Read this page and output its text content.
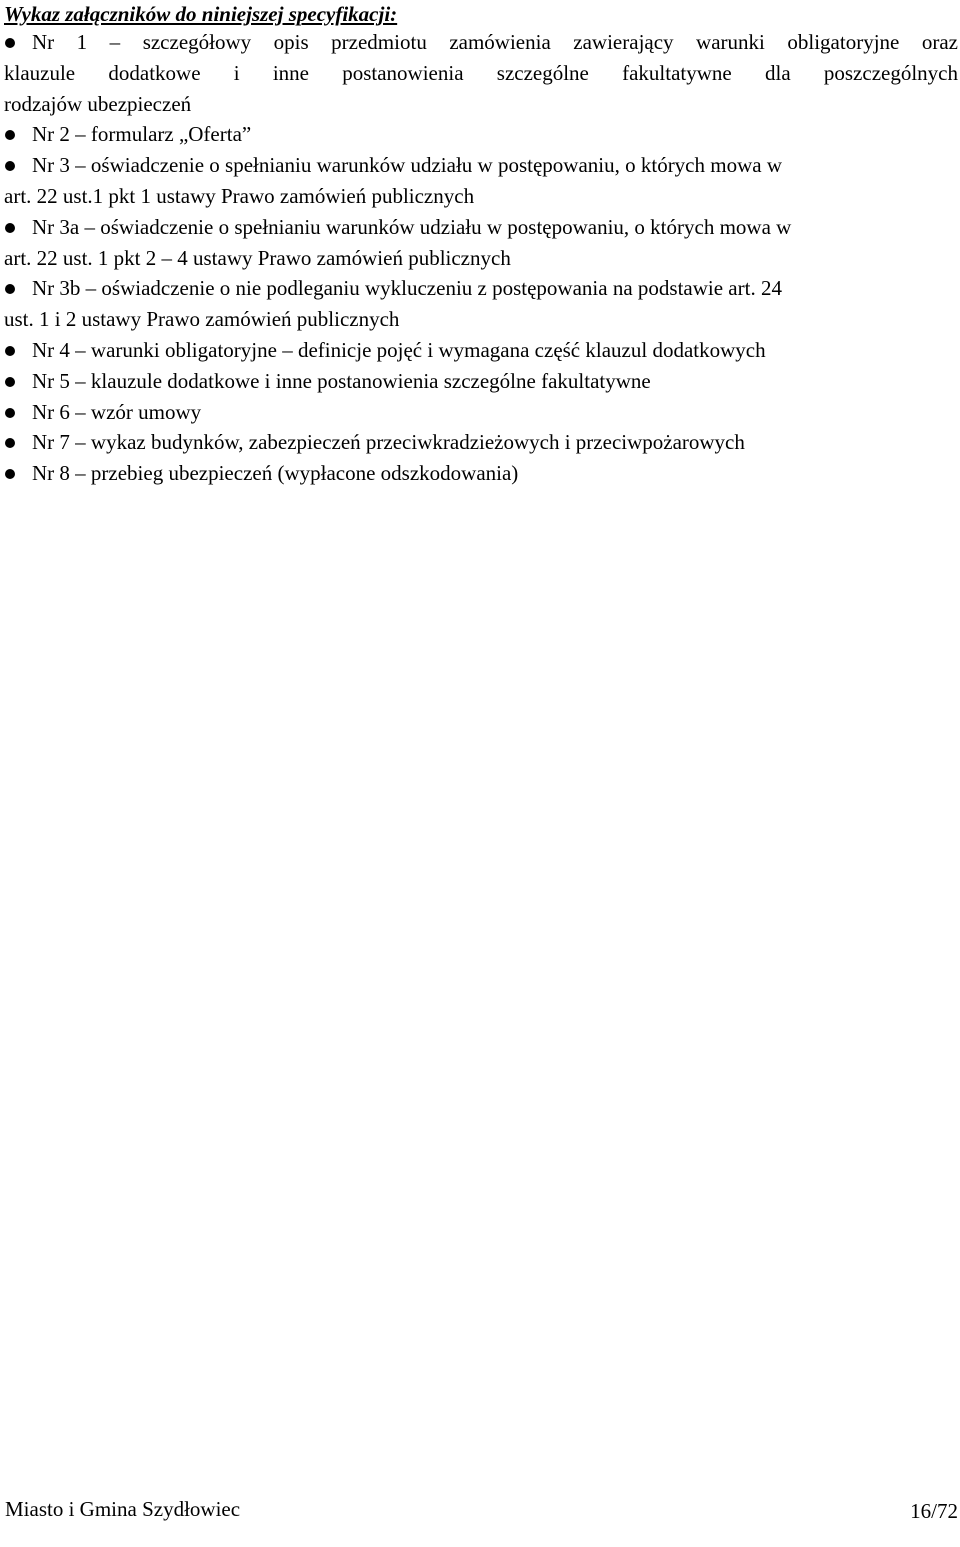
Wykaz załączników do niniejszej specyfikacji:
Nr 1 – szczegółowy opis przedmiotu zamówienia zawierający warunki obligatoryjne oraz
klauzule dodatkowe i inne postanowienia szczególne fakultatywne dla poszczególnych
rodzajów ubezpieczeń
Nr 2 – formularz „Oferta”
Nr 3 – oświadczenie o spełnianiu warunków udziału w postępowaniu, o których mowa w
art. 22 ust.1 pkt 1 ustawy Prawo zamówień publicznych
Nr 3a – oświadczenie o spełnianiu warunków udziału w postępowaniu, o których mowa w
art. 22 ust. 1 pkt 2 – 4 ustawy Prawo zamówień publicznych
Nr 3b – oświadczenie o nie podleganiu wykluczeniu z postępowania na podstawie art. 24
ust. 1 i 2 ustawy Prawo zamówień publicznych
Nr 4 – warunki obligatoryjne – definicje pojęć i wymagana część klauzul dodatkowych
Nr 5 – klauzule dodatkowe i inne postanowienia szczególne fakultatywne
Nr 6 – wzór umowy
Nr 7 – wykaz budynków, zabezpieczeń przeciwkradzieżowych i przeciwpożarowych
Nr 8 – przebieg ubezpieczeń (wypłacone odszkodowania)
Miasto i Gmina Szydłowiec	16/72
